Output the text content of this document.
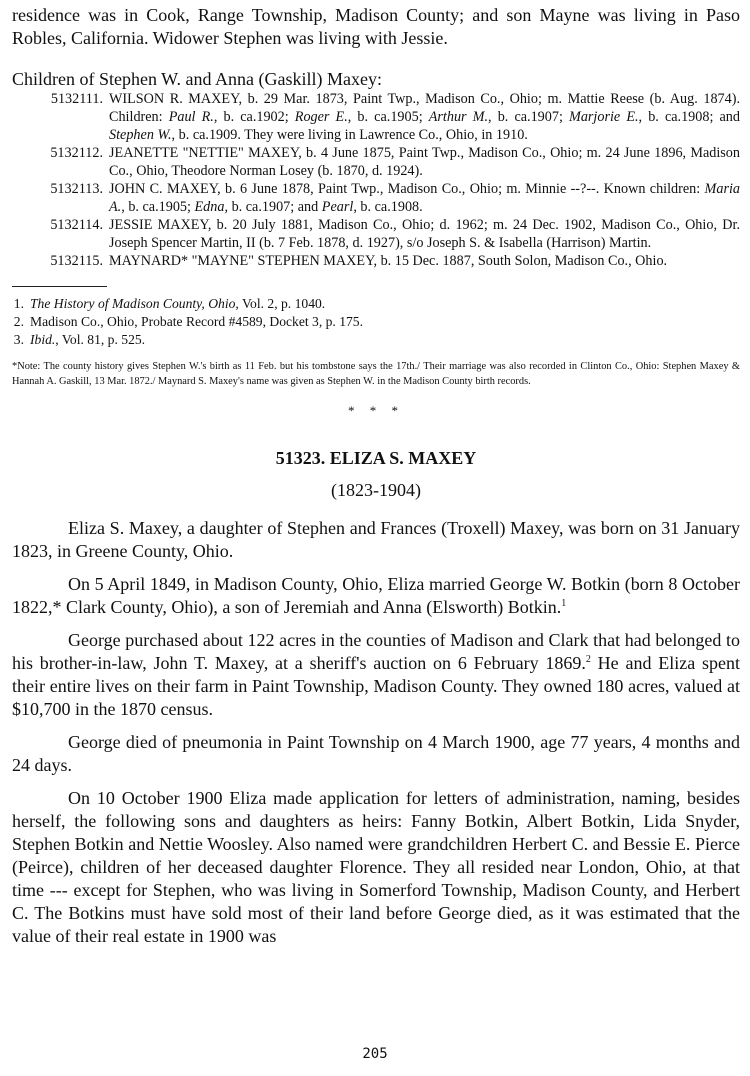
residence was in Cook, Range Township, Madison County; and son Mayne was living in Paso Robles, California. Widower Stephen was living with Jessie.

Children of Stephen W. and Anna (Gaskill) Maxey:

5132111. WILSON R. MAXEY, b. 29 Mar. 1873, Paint Twp., Madison Co., Ohio; m. Mattie Reese (b. Aug. 1874). Children: Paul R., b. ca.1902; Roger E., b. ca.1905; Arthur M., b. ca.1907; Marjorie E., b. ca.1908; and Stephen W., b. ca.1909. They were living in Lawrence Co., Ohio, in 1910.
5132112. JEANETTE "NETTIE" MAXEY, b. 4 June 1875, Paint Twp., Madison Co., Ohio; m. 24 June 1896, Madison Co., Ohio, Theodore Norman Losey (b. 1870, d. 1924).
5132113. JOHN C. MAXEY, b. 6 June 1878, Paint Twp., Madison Co., Ohio; m. Minnie --?--. Known children: Maria A., b. ca.1905; Edna, b. ca.1907; and Pearl, b. ca.1908.
5132114. JESSIE MAXEY, b. 20 July 1881, Madison Co., Ohio; d. 1962; m. 24 Dec. 1902, Madison Co., Ohio, Dr. Joseph Spencer Martin, II (b. 7 Feb. 1878, d. 1927), s/o Joseph S. & Isabella (Harrison) Martin.
5132115. MAYNARD* "MAYNE" STEPHEN MAXEY, b. 15 Dec. 1887, South Solon, Madison Co., Ohio.
1. The History of Madison County, Ohio, Vol. 2, p. 1040.
2. Madison Co., Ohio, Probate Record #4589, Docket 3, p. 175.
3. Ibid., Vol. 81, p. 525.

*Note: The county history gives Stephen W.'s birth as 11 Feb. but his tombstone says the 17th./ Their marriage was also recorded in Clinton Co., Ohio: Stephen Maxey & Hannah A. Gaskill, 13 Mar. 1872./ Maynard S. Maxey's name was given as Stephen W. in the Madison County birth records.

* * *

51323. ELIZA S. MAXEY

(1823-1904)

Eliza S. Maxey, a daughter of Stephen and Frances (Troxell) Maxey, was born on 31 January 1823, in Greene County, Ohio.

On 5 April 1849, in Madison County, Ohio, Eliza married George W. Botkin (born 8 October 1822,* Clark County, Ohio), a son of Jeremiah and Anna (Elsworth) Botkin.$^1$

George purchased about 122 acres in the counties of Madison and Clark that had belonged to his brother-in-law, John T. Maxey, at a sheriff's auction on 6 February 1869.$^2$ He and Eliza spent their entire lives on their farm in Paint Township, Madison County. They owned 180 acres, valued at $10,700 in the 1870 census.

George died of pneumonia in Paint Township on 4 March 1900, age 77 years, 4 months and 24 days.

On 10 October 1900 Eliza made application for letters of administration, naming, besides herself, the following sons and daughters as heirs: Fanny Botkin, Albert Botkin, Lida Snyder, Stephen Botkin and Nettie Woosley. Also named were grandchildren Herbert C. and Bessie E. Pierce (Peirce), children of her deceased daughter Florence. They all resided near London, Ohio, at that time --- except for Stephen, who was living in Somerford Township, Madison County, and Herbert C. The Botkins must have sold most of their land before George died, as it was estimated that the value of their real estate in 1900 was

205
